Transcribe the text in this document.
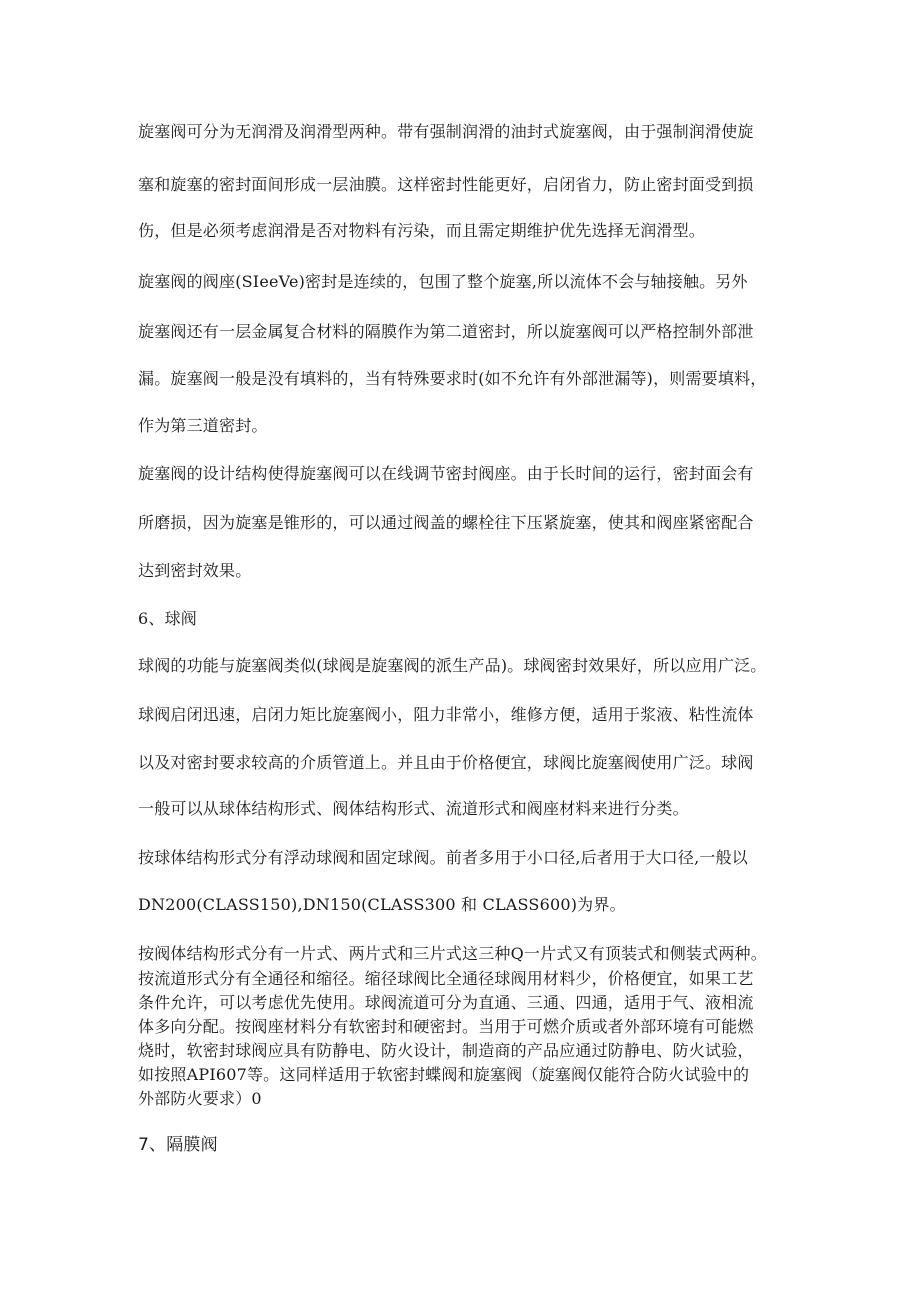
旋塞阀可分为无润滑及润滑型两种。带有强制润滑的油封式旋塞阀，由于强制润滑使旋

塞和旋塞的密封面间形成一层油膜。这样密封性能更好，启闭省力，防止密封面受到损

伤，但是必须考虑润滑是否对物料有污染，而且需定期维护优先选择无润滑型。

旋塞阀的阀座(SIeeVe)密封是连续的，包围了整个旋塞,所以流体不会与轴接触。另外

旋塞阀还有一层金属复合材料的隔膜作为第二道密封，所以旋塞阀可以严格控制外部泄

漏。旋塞阀一般是没有填料的，当有特殊要求时(如不允许有外部泄漏等)，则需要填料，

作为第三道密封。

旋塞阀的设计结构使得旋塞阀可以在线调节密封阀座。由于长时间的运行，密封面会有

所磨损，因为旋塞是锥形的，可以通过阀盖的螺栓往下压紧旋塞，使其和阀座紧密配合

达到密封效果。

6、球阀

球阀的功能与旋塞阀类似(球阀是旋塞阀的派生产品)。球阀密封效果好，所以应用广泛。

球阀启闭迅速，启闭力矩比旋塞阀小，阻力非常小，维修方便，适用于浆液、粘性流体

以及对密封要求较高的介质管道上。并且由于价格便宜，球阀比旋塞阀使用广泛。球阀

一般可以从球体结构形式、阀体结构形式、流道形式和阀座材料来进行分类。

按球体结构形式分有浮动球阀和固定球阀。前者多用于小口径,后者用于大口径,一般以

DN200(CLASS150),DN150(CLASS300 和 CLASS600)为界。

按阀体结构形式分有一片式、两片式和三片式这三种Q一片式又有顶装式和侧装式两种。

按流道形式分有全通径和缩径。缩径球阀比全通径球阀用材料少，价格便宜，如果工艺

条件允许，可以考虑优先使用。球阀流道可分为直通、三通、四通，适用于气、液相流

体多向分配。按阀座材料分有软密封和硬密封。当用于可燃介质或者外部环境有可能燃

烧时，软密封球阀应具有防静电、防火设计，制造商的产品应通过防静电、防火试验，

如按照API607等。这同样适用于软密封蝶阀和旋塞阀（旋塞阀仅能符合防火试验中的

外部防火要求）0

7、隔膜阀
